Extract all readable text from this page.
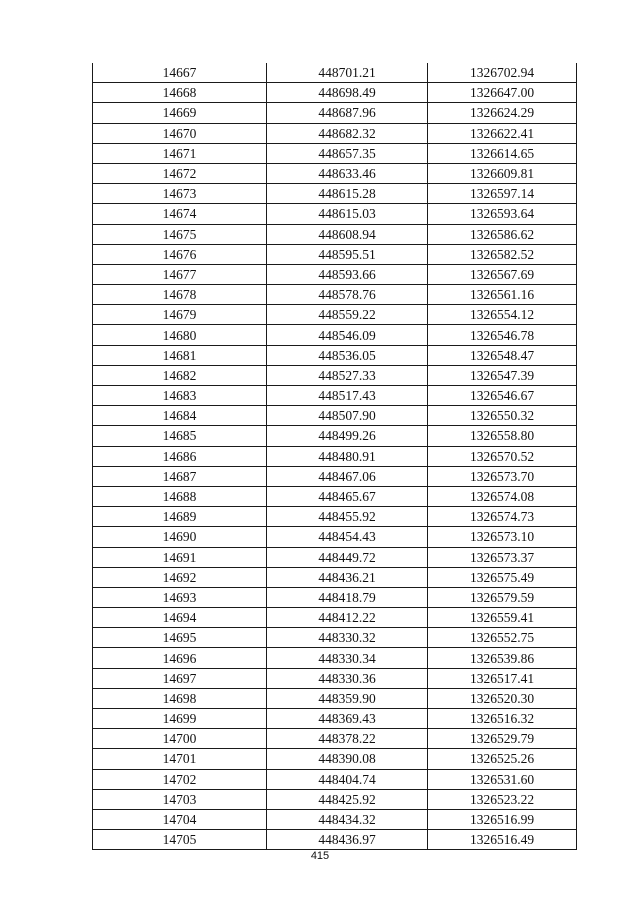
14667	448701.21	1326702.94
14668	448698.49	1326647.00
14669	448687.96	1326624.29
14670	448682.32	1326622.41
14671	448657.35	1326614.65
14672	448633.46	1326609.81
14673	448615.28	1326597.14
14674	448615.03	1326593.64
14675	448608.94	1326586.62
14676	448595.51	1326582.52
14677	448593.66	1326567.69
14678	448578.76	1326561.16
14679	448559.22	1326554.12
14680	448546.09	1326546.78
14681	448536.05	1326548.47
14682	448527.33	1326547.39
14683	448517.43	1326546.67
14684	448507.90	1326550.32
14685	448499.26	1326558.80
14686	448480.91	1326570.52
14687	448467.06	1326573.70
14688	448465.67	1326574.08
14689	448455.92	1326574.73
14690	448454.43	1326573.10
14691	448449.72	1326573.37
14692	448436.21	1326575.49
14693	448418.79	1326579.59
14694	448412.22	1326559.41
14695	448330.32	1326552.75
14696	448330.34	1326539.86
14697	448330.36	1326517.41
14698	448359.90	1326520.30
14699	448369.43	1326516.32
14700	448378.22	1326529.79
14701	448390.08	1326525.26
14702	448404.74	1326531.60
14703	448425.92	1326523.22
14704	448434.32	1326516.99
14705	448436.97	1326516.49
415
